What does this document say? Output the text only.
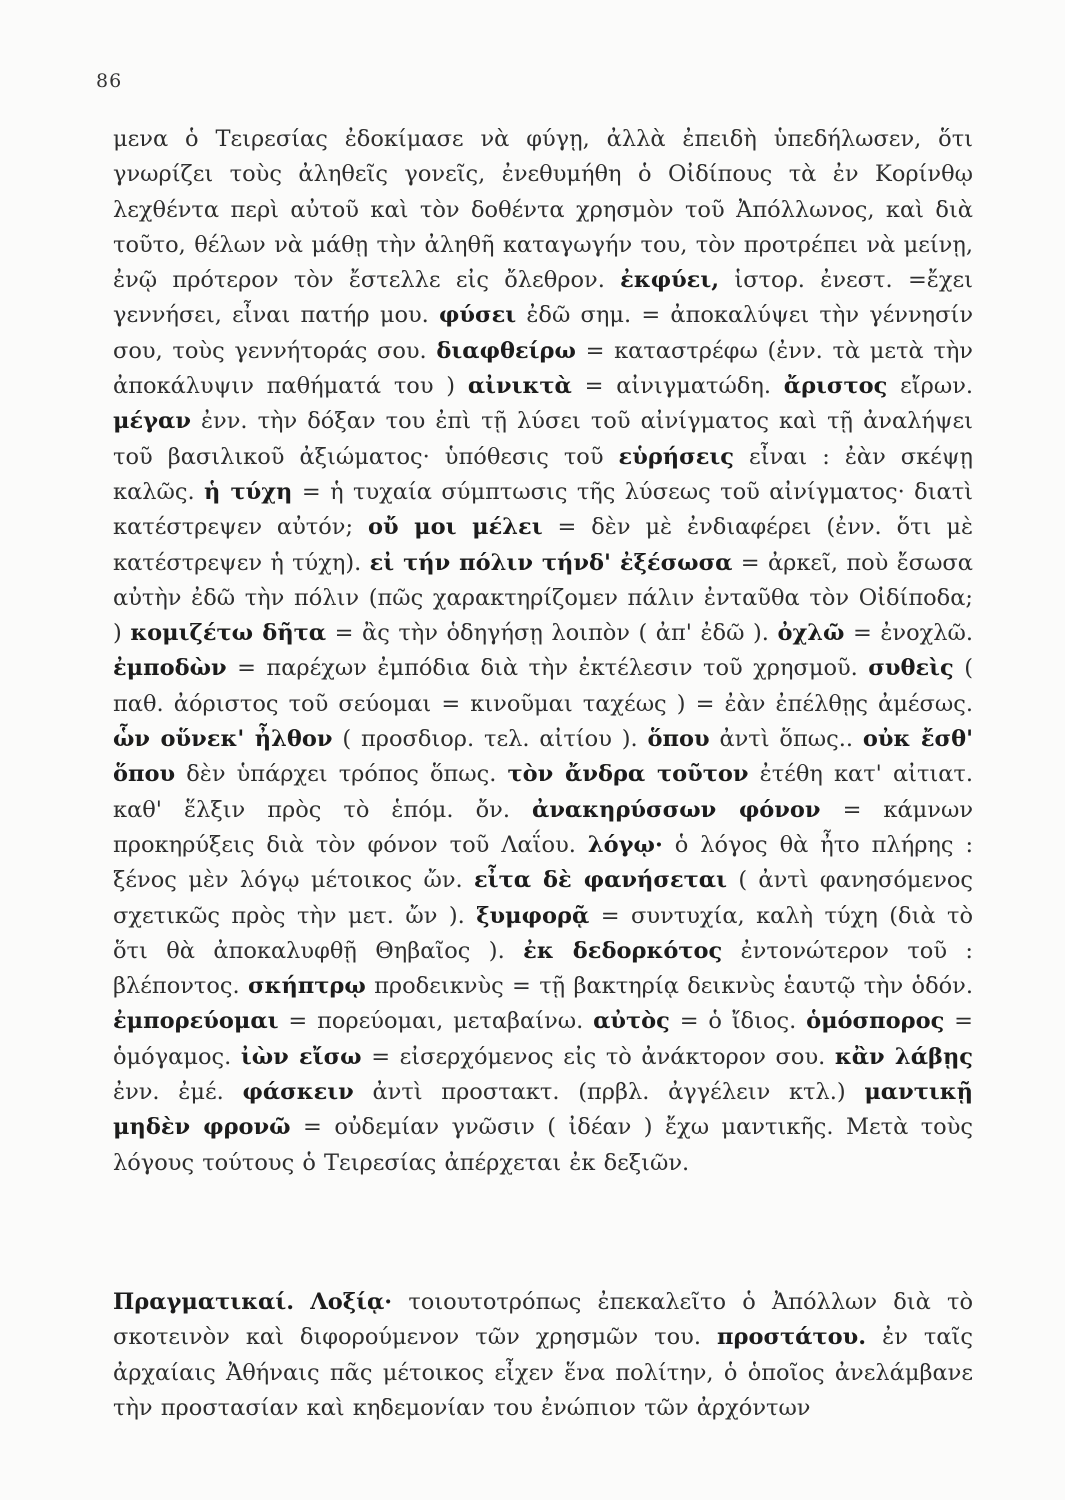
86
μενα ὁ Τειρεσίας ἐδοκίμασε νὰ φύγῃ, ἀλλὰ ἐπειδὴ ὑπεδήλωσεν, ὅτι γνωρίζει τοὺς ἀληθεῖς γονεῖς, ἐνεθυμήθη ὁ Οἰδίπους τὰ ἐν Κορίνθῳ λεχθέντα περὶ αὐτοῦ καὶ τὸν δοθέντα χρησμὸν τοῦ Ἀπόλλωνος, καὶ διὰ τοῦτο, θέλων νὰ μάθῃ τὴν ἀληθῆ καταγωγήν του, τὸν προτρέπει νὰ μείνῃ, ἐνῷ πρότερον τὸν ἔστελλε εἰς ὄλεθρον. ἐκφύει, ἱστορ. ἐνεστ. =ἔχει γεννήσει, εἶναι πατήρ μου. φύσει ἐδῶ σημ. = ἀποκαλύψει τὴν γέννησίν σου, τοὺς γεννήτοράς σου. διαφθείρω = καταστρέφω (ἐνν. τὰ μετὰ τὴν ἀποκάλυψιν παθήματά του ) αἰνικτὰ = αἰνιγματώδη. ἄριστος εἴρων. μέγαν ἐνν. τὴν δόξαν του ἐπὶ τῇ λύσει τοῦ αἰνίγματος καὶ τῇ ἀναλήψει τοῦ βασιλικοῦ ἀξιώματος· ὑπόθεσις τοῦ εὑρήσεις εἶναι : ἐὰν σκέψῃ καλῶς. ἡ τύχη = ἡ τυχαία σύμπτωσις τῆς λύσεως τοῦ αἰνίγματος· διατὶ κατέστρεψεν αὐτόν; οὔ μοι μέλει = δὲν μὲ ἐνδιαφέρει (ἐνν. ὅτι μὲ κατέστρεψεν ἡ τύχη). εἰ τήν πόλιν τήνδ' ἐξέσωσα = ἀρκεῖ, ποὺ ἔσωσα αὐτὴν ἐδῶ τὴν πόλιν (πῶς χαρακτηρίζομεν πάλιν ἐνταῦθα τὸν Οἰδίποδα; ) κομιζέτω δῆτα = ἂς τὴν ὁδηγήσῃ λοιπὸν ( ἀπ' ἐδῶ ). ὀχλῶ = ἐνοχλῶ. ἐμποδὼν = παρέχων ἐμπόδια διὰ τὴν ἐκτέλεσιν τοῦ χρησμοῦ. συθεὶς ( παθ. ἀόριστος τοῦ σεύομαι = κινοῦμαι ταχέως ) = ἐὰν ἐπέλθῃς ἀμέσως. ὧν οὕνεκ' ἦλθον ( προσδιορ. τελ. αἰτίου ). ὅπου ἀντὶ ὅπως.. οὐκ ἔσθ' ὅπου δὲν ὑπάρχει τρόπος ὅπως. τὸν ἄνδρα τοῦτον ἐτέθη κατ' αἰτιατ. καθ' ἕλξιν πρὸς τὸ ἑπόμ. ὄν. ἀνακηρύσσων φόνον = κάμνων προκηρύξεις διὰ τὸν φόνον τοῦ Λαΐου. λόγῳ· ὁ λόγος θὰ ἦτο πλήρης : ξένος μὲν λόγῳ μέτοικος ὤν. εἶτα δὲ φανήσεται ( ἀντὶ φανησόμενος σχετικῶς πρὸς τὴν μετ. ὤν ). ξυμφορᾷ = συντυχία, καλὴ τύχη (διὰ τὸ ὅτι θὰ ἀποκαλυφθῇ Θηβαῖος ). ἐκ δεδορκότος ἐντονώτερον τοῦ : βλέποντος. σκήπτρῳ προδεικνὺς = τῇ βακτηρίᾳ δεικνὺς ἑαυτῷ τὴν ὁδόν. ἐμπορεύομαι = πορεύομαι, μεταβαίνω. αὐτὸς = ὁ ἴδιος. ὁμόσπορος = ὁμόγαμος. ἰὼν εἴσω = εἰσερχόμενος εἰς τὸ ἀνάκτορον σου. κἂν λάβῃς ἐνν. ἐμέ. φάσκειν ἀντὶ προστακτ. (πρβλ. ἀγγέλειν κτλ.) μαντικῇ μηδὲν φρονῶ = οὐδεμίαν γνῶσιν ( ἰδέαν ) ἔχω μαντικῆς. Μετὰ τοὺς λόγους τούτους ὁ Τειρεσίας ἀπέρχεται ἐκ δεξιῶν.
Πραγματικαί. Λοξίᾳ· τοιουτοτρόπως ἐπεκαλεῖτο ὁ Ἀπόλλων διὰ τὸ σκοτεινὸν καὶ διφορούμενον τῶν χρησμῶν του. προστάτου. ἐν ταῖς ἀρχαίαις Ἀθήναις πᾶς μέτοικος εἶχεν ἕνα πολίτην, ὁ ὁποῖος ἀνελάμβανε τὴν προστασίαν καὶ κηδεμονίαν του ἐνώπιον τῶν ἀρχόντων
